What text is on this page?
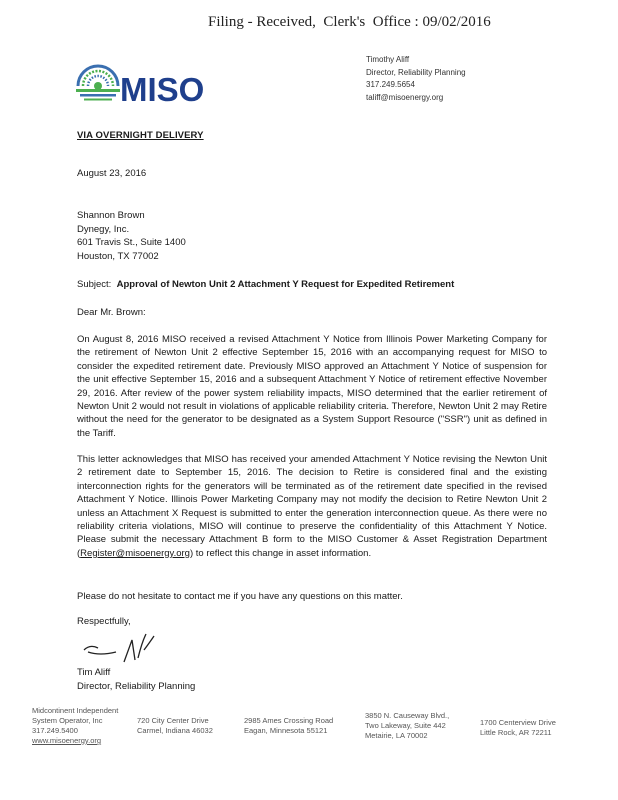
Filing - Received,  Clerk's  Office : 09/02/2016
MISO
Timothy Aliff
Director, Reliability Planning
317.249.5654
taliff@misoenergy.org
VIA OVERNIGHT DELIVERY
August 23, 2016
Shannon Brown
Dynegy, Inc.
601 Travis St., Suite 1400
Houston, TX 77002
Subject: Approval of Newton Unit 2 Attachment Y Request for Expedited Retirement
Dear Mr. Brown:
On August 8, 2016 MISO received a revised Attachment Y Notice from Illinois Power Marketing Company for the retirement of Newton Unit 2 effective September 15, 2016 with an accompanying request for MISO to consider the expedited retirement date. Previously MISO approved an Attachment Y Notice of suspension for the unit effective September 15, 2016 and a subsequent Attachment Y Notice of retirement effective November 29, 2016. After review of the power system reliability impacts, MISO determined that the earlier retirement of Newton Unit 2 would not result in violations of applicable reliability criteria. Therefore, Newton Unit 2 may Retire without the need for the generator to be designated as a System Support Resource ("SSR") unit as defined in the Tariff.
This letter acknowledges that MISO has received your amended Attachment Y Notice revising the Newton Unit 2 retirement date to September 15, 2016. The decision to Retire is considered final and the existing interconnection rights for the generators will be terminated as of the retirement date specified in the revised Attachment Y Notice. Illinois Power Marketing Company may not modify the decision to Retire Newton Unit 2 unless an Attachment X Request is submitted to enter the generation interconnection queue. As there were no reliability criteria violations, MISO will continue to preserve the confidentiality of this Attachment Y Notice. Please submit the necessary Attachment B form to the MISO Customer & Asset Registration Department (Register@misoenergy.org) to reflect this change in asset information.
Please do not hesitate to contact me if you have any questions on this matter.
Respectfully,
Tim Aliff
Director, Reliability Planning
Midcontinent Independent
System Operator, Inc
317.249.5400
www.misoenergy.org
720 City Center Drive
Carmel, Indiana 46032
2985 Ames Crossing Road
Eagan, Minnesota 55121
3850 N. Causeway Blvd.,
Two Lakeway, Suite 442
Metairie, LA 70002
1700 Centerview Drive
Little Rock, AR 72211
